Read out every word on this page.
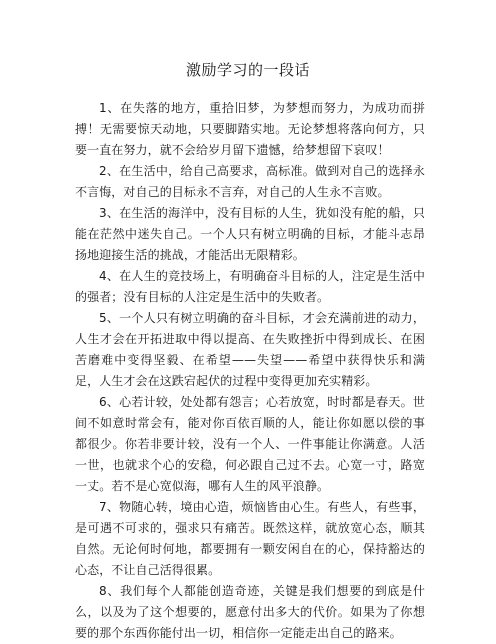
激励学习的一段话

1、在失落的地方，重拾旧梦，为梦想而努力，为成功而拼搏！无需要惊天动地，只要脚踏实地。无论梦想将落向何方，只要一直在努力，就不会给岁月留下遗憾，给梦想留下哀叹！

2、在生活中，给自己高要求，高标准。做到对自己的选择永不言悔，对自己的目标永不言弃，对自己的人生永不言败。

3、在生活的海洋中，没有目标的人生，犹如没有舵的船，只能在茫然中迷失自己。一个人只有树立明确的目标，才能斗志昂扬地迎接生活的挑战，才能活出无限精彩。

4、在人生的竞技场上，有明确奋斗目标的人，注定是生活中的强者；没有目标的人注定是生活中的失败者。

5、一个人只有树立明确的奋斗目标，才会充满前进的动力，人生才会在开拓进取中得以提高、在失败挫折中得到成长、在困苦磨难中变得坚毅、在希望——失望——希望中获得快乐和满足，人生才会在这跌宕起伏的过程中变得更加充实精彩。

6、心若计较，处处都有怨言；心若放宽，时时都是春天。世间不如意时常会有，能对你百依百顺的人，能让你如愿以偿的事都很少。你若非要计较，没有一个人、一件事能让你满意。人活一世，也就求个心的安稳，何必跟自己过不去。心宽一寸，路宽一丈。若不是心宽似海，哪有人生的风平浪静。

7、物随心转，境由心造，烦恼皆由心生。有些人，有些事，是可遇不可求的，强求只有痛苦。既然这样，就放宽心态，顺其自然。无论何时何地，都要拥有一颗安闲自在的心，保持豁达的心态，不让自己活得很累。

8、我们每个人都能创造奇迹，关键是我们想要的到底是什么，以及为了这个想要的，愿意付出多大的代价。如果为了你想要的那个东西你能付出一切，相信你一定能走出自己的路来。
